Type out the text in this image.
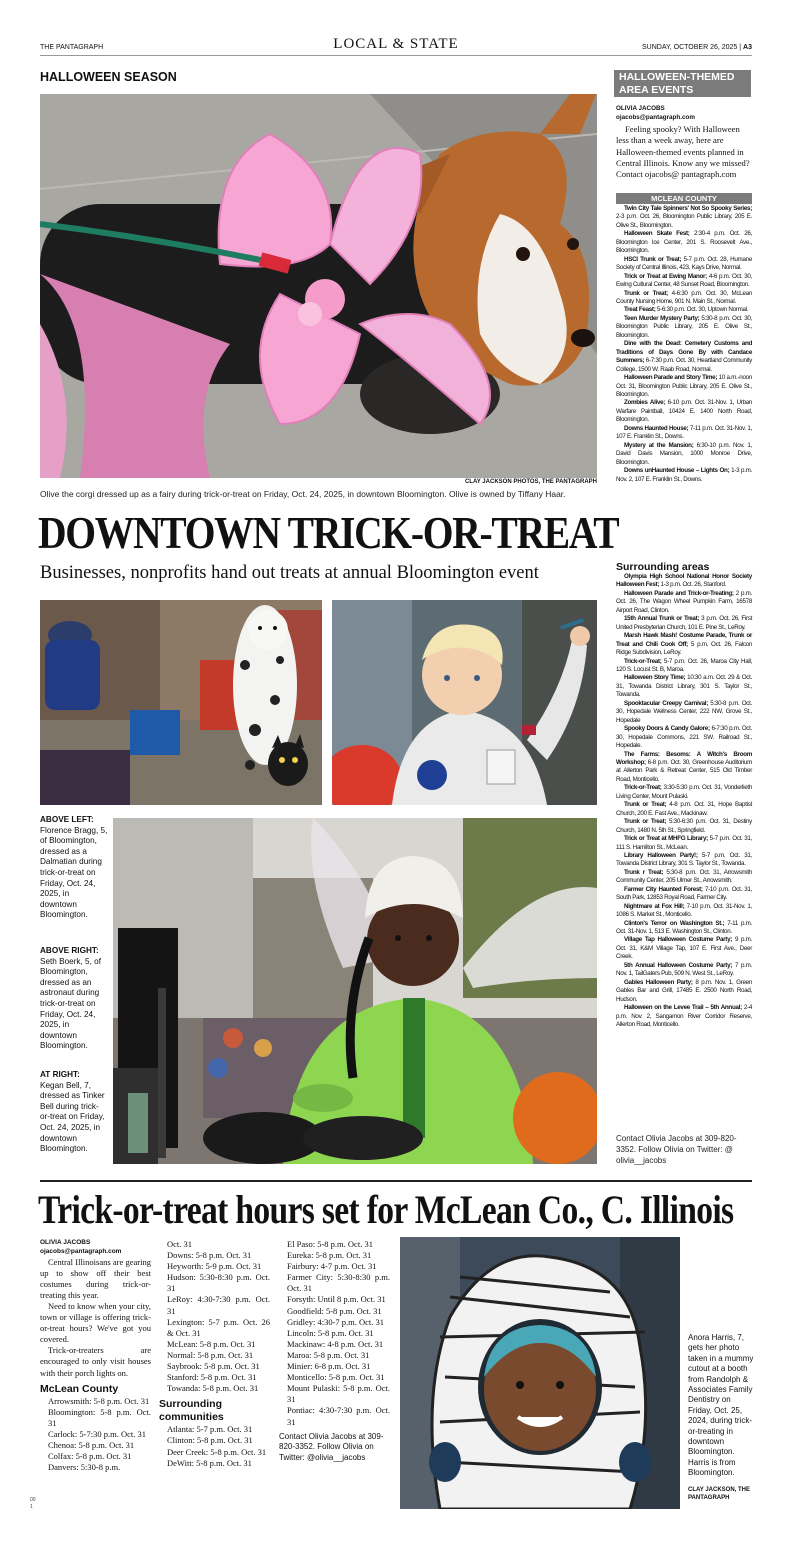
THE PANTAGRAPH	LOCAL & STATE	SUNDAY, OCTOBER 26, 2025 | A3
HALLOWEEN SEASON
CLAY JACKSON PHOTOS, THE PANTAGRAPH
Olive the corgi dressed up as a fairy during trick-or-treat on Friday, Oct. 24, 2025, in downtown Bloomington. Olive is owned by Tiffany Haar.
DOWNTOWN TRICK-OR-TREAT
Businesses, nonprofits hand out treats at annual Bloomington event
ABOVE LEFT:
Florence Bragg, 5, of Bloomington, dressed as a Dalmatian during trick-or-treat on Friday, Oct. 24, 2025, in downtown Bloomington.
ABOVE RIGHT:
Seth Boerk, 5, of Bloomington, dressed as an astronaut during trick-or-treat on Friday, Oct. 24, 2025, in downtown Bloomington.
AT RIGHT:
Kegan Bell, 7, dressed as Tinker Bell during trick-or-treat on Friday, Oct. 24, 2025, in downtown Bloomington.
HALLOWEEN-THEMED AREA EVENTS
OLIVIA JACOBS
ojacobs@pantagraph.com
Feeling spooky? With Halloween less than a week away, here are Halloween-themed events planned in Central Illinois. Know any we missed? Contact ojacobs@ pantagraph.com
MCLEAN COUNTY
Twin City Tale Spinners' Not So Spooky Series; 2-3 p.m. Oct. 26, Bloomington Public Library, 205 E. Olive St., Bloomington.
Halloween Skate Fest; 2:30-4 p.m. Oct. 26, Bloomington Ice Center, 201 S. Roosevelt Ave., Bloomington.
HSCI Trunk or Treat; 5-7 p.m. Oct. 28, Humane Society of Central Illinois, 423, Kays Drive, Normal.
Trick or Treat at Ewing Manor; 4-6 p.m. Oct. 30, Ewing Cultural Center, 48 Sunset Road, Bloomington.
Trunk or Treat; 4-6:30 p.m. Oct. 30, McLean County Nursing Home, 901 N. Main St., Normal.
Treat Feast; 5-6:30 p.m. Oct. 30, Uptown Normal.
Teen Murder Mystery Party; 5:30-8 p.m. Oct. 30, Bloomington Public Library, 205 E. Olive St., Bloomington.
Dine with the Dead: Cemetery Customs and Traditions of Days Gone By with Candace Summers; 6-7:30 p.m. Oct. 30, Heartland Community College, 1500 W. Raab Road, Normal.
Halloween Parade and Story Time; 10 a.m.-noon Oct. 31, Bloomington Public Library, 205 E. Olive St., Bloomington.
Zombies Alive; 6-10 p.m. Oct. 31-Nov. 1, Urban Warfare Paintball, 10424 E. 1400 North Road, Bloomington.
Downs Haunted House; 7-11 p.m. Oct. 31-Nov. 1, 107 E. Franklin St., Downs.
Mystery at the Mansion; 6:30-10 p.m. Nov. 1, David Davis Mansion, 1000 Monroe Drive, Bloomington.
Downs unHaunted House – Lights On; 1-3 p.m. Nov. 2, 107 E. Franklin St., Downs.
Surrounding areas
Olympia High School National Honor Society Halloween Fest; 1-3 p.m. Oct. 26, Stanford.
Halloween Parade and Trick-or-Treating; 2 p.m. Oct. 26, The Wagon Wheel Pumpkin Farm, 16578 Airport Road, Clinton.
15th Annual Trunk or Treat; 3 p.m. Oct. 26, First United Presbyterian Church, 101 E. Pine St., LeRoy.
Marsh Hawk Mash! Costume Parade, Trunk or Treat and Chili Cook Off; 5 p.m. Oct. 26, Falcon Ridge Subdivision, LeRoy.
Trick-or-Treat; 5-7 p.m. Oct. 26, Maroa City Hall, 120 S. Locust St. B, Maroa.
Halloween Story Time; 10:30 a.m. Oct. 29 & Oct. 31, Towanda District Library, 301 S. Taylor St., Towanda.
Spooktacular Creepy Carnival; 5:30-8 p.m. Oct. 30, Hopedale Wellness Center, 222 NW. Grove St., Hopedale
Spooky Doors & Candy Galore; 6-7:30 p.m. Oct. 30, Hopedale Commons, 221 SW. Railroad St., Hopedale.
The Farms: Besoms: A Witch's Broom Workshop; 6-8 p.m. Oct. 30, Greenhouse Auditorium at Allerton Park & Retreat Center, 515 Old Timber Road, Monticello.
Trick-or-Treat; 3:30-5:30 p.m. Oct. 31, Vonderlieth Living Center, Mount Pulaski.
Trunk or Treat; 4-8 p.m. Oct. 31, Hope Baptist Church, 200 E. Fast Ave., Mackinaw.
Trunk or Treat; 5:30-6:30 p.m. Oct. 31, Destiny Church, 1480 N. 5th St., Springfield.
Trick or Treat at MHFG Library; 5-7 p.m. Oct. 31, 111 S. Hamilton St., McLean.
Library Halloween Party!; 5-7 p.m. Oct. 31, Towanda District Library, 301 S. Taylor St., Towanda.
Trunk r Treat; 5:30-8 p.m. Oct. 31, Arrowsmith Community Center, 205 Ulmer St., Arrowsmith.
Farmer City Haunted Forest; 7-10 p.m. Oct. 31, South Park, 12853 Royal Road, Farmer City.
Nightmare at Fox Hill; 7-10 p.m. Oct. 31-Nov. 1, 1086 S. Market St., Monticello.
Clinton's Terror on Washington St.; 7-11 p.m. Oct. 31-Nov. 1, 513 E. Washington St., Clinton.
Village Tap Halloween Costume Party; 9 p.m. Oct. 31, K&M Village Tap, 107 E. First Ave., Deer Creek.
5th Annual Halloween Costume Party; 7 p.m. Nov. 1, TailGaters Pub, 509 N. West St., LeRoy.
Gables Halloween Party; 8 p.m. Nov. 1, Green Gables Bar and Grill, 17485 E. 2500 North Road, Hudson.
Halloween on the Levee Trail – 5th Annual; 2-4 p.m. Nov. 2, Sangamon River Corridor Reserve, Allerton Road, Monticello.
Contact Olivia Jacobs at 309-820-3352. Follow Olivia on Twitter: @ olivia__jacobs
Trick-or-treat hours set for McLean Co., C. Illinois
OLIVIA JACOBS
ojacobs@pantagraph.com

Central Illinoisans are gearing up to show off their best costumes during trick-or-treating this year.

Need to know when your city, town or village is offering trick-or-treat hours? We've got you covered.

Trick-or-treaters are encouraged to only visit houses with their porch lights on.

McLean County

Arrowsmith: 5-8 p.m. Oct. 31

Bloomington: 5-8 p.m. Oct. 31

Carlock: 5-7:30 p.m. Oct. 31

Chenoa: 5-8 p.m. Oct. 31

Colfax: 5-8 p.m. Oct. 31

Danvers: 5:30-8 p.m.

Oct. 31

Downs: 5-8 p.m. Oct. 31

Heyworth: 5-9 p.m. Oct. 31

Hudson: 5:30-8:30 p.m. Oct. 31

LeRoy: 4:30-7:30 p.m. Oct. 31

Lexington: 5-7 p.m. Oct. 26 & Oct. 31

McLean: 5-8 p.m. Oct. 31

Normal: 5-8 p.m. Oct. 31

Saybrook: 5-8 p.m. Oct. 31

Stanford: 5-8 p.m. Oct. 31

Towanda: 5-8 p.m. Oct. 31

Surrounding communities

Atlanta: 5-7 p.m. Oct. 31

Clinton: 5-8 p.m. Oct. 31

Deer Creek: 5-8 p.m. Oct. 31

DeWitt: 5-8 p.m. Oct. 31

El Paso: 5-8 p.m. Oct. 31

Eureka: 5-8 p.m. Oct. 31

Fairbury: 4-7 p.m. Oct. 31

Farmer City: 5:30-8:30 p.m. Oct. 31

Forsyth: Until 8 p.m. Oct. 31

Goodfield: 5-8 p.m. Oct. 31

Gridley: 4:30-7 p.m. Oct. 31

Lincoln: 5-8 p.m. Oct. 31

Mackinaw: 4-8 p.m. Oct. 31

Maroa: 5-8 p.m. Oct. 31

Minier: 6-8 p.m. Oct. 31

Monticello: 5-8 p.m. Oct. 31

Mount Pulaski: 5-8 p.m. Oct. 31

Pontiac: 4:30-7:30 p.m. Oct. 31

Contact Olivia Jacobs at 309-820-3352. Follow Olivia on Twitter: @olivia__jacobs

Anora Harris, 7, gets her photo taken in a mummy cutout at a booth from Randolph & Associates Family Dentistry on Friday, Oct. 25, 2024, during trick-or-treating in downtown Bloomington. Harris is from Bloomington.
CLAY JACKSON, THE PANTAGRAPH
00
1
